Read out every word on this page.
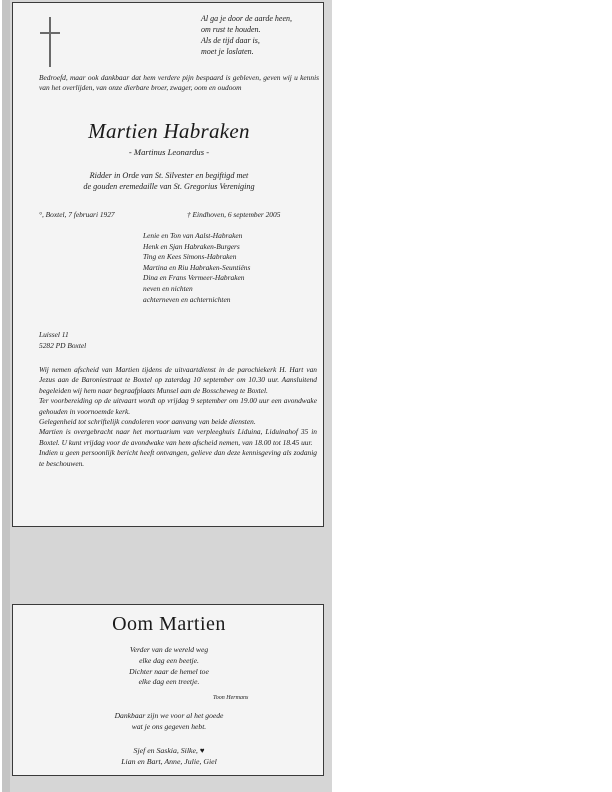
Al ga je door de aarde heen,
om rust te houden.
Als de tijd daar is,
moet je loslaten.
Bedroefd, maar ook dankbaar dat hem verdere pijn bespaard is gebleven, geven wij u kennis van het overlijden, van onze dierbare broer, zwager, oom en oudoom
Martien Habraken
- Martinus Leonardus -
Ridder in Orde van St. Silvester en begiftigd met
de gouden eremedaille van St. Gregorius Vereniging
°, Boxtel, 7 februari 1927	† Eindhoven, 6 september 2005
Lenie en Ton van Aalst-Habraken
Henk en Sjan Habraken-Burgers
Ting en Kees Simons-Habraken
Martina en Riu Habraken-Seuntiëns
Dina en Frans Vermeer-Habraken
neven en nichten
achterneven en achternichten
Luissel 11
5282 PD Boxtel

Wij nemen afscheid van Martien tijdens de uitvaartdienst in de parochiekerk H. Hart van Jezus aan de Baroniestraat te Boxtel op zaterdag 10 september om 10.30 uur. Aansluitend begeleiden wij hem naar begraafplaats Munsel aan de Bosscheweg te Boxtel.

Ter voorbereiding op de uitvaart wordt op vrijdag 9 september om 19.00 uur een avondwake gehouden in voornoemde kerk.

Gelegenheid tot schriftelijk condoleren voor aanvang van beide diensten.

Martien is overgebracht naar het mortuarium van verpleeghuis Liduina, Liduinahof 35 in Boxtel. U kunt vrijdag voor de avondwake van hem afscheid nemen, van 18.00 tot 18.45 uur.

Indien u geen persoonlijk bericht heeft ontvangen, gelieve dan deze kennisgeving als zodanig te beschouwen.

Oom Martien
Verder van de wereld weg
elke dag een beetje.
Dichter naar de hemel toe
elke dag een treetje.
Toon Hermans
Dankbaar zijn we voor al het goede
wat je ons gegeven hebt.
Sjef en Saskia, Silke, ♥
Lian en Bart, Anne, Julie, Giel
